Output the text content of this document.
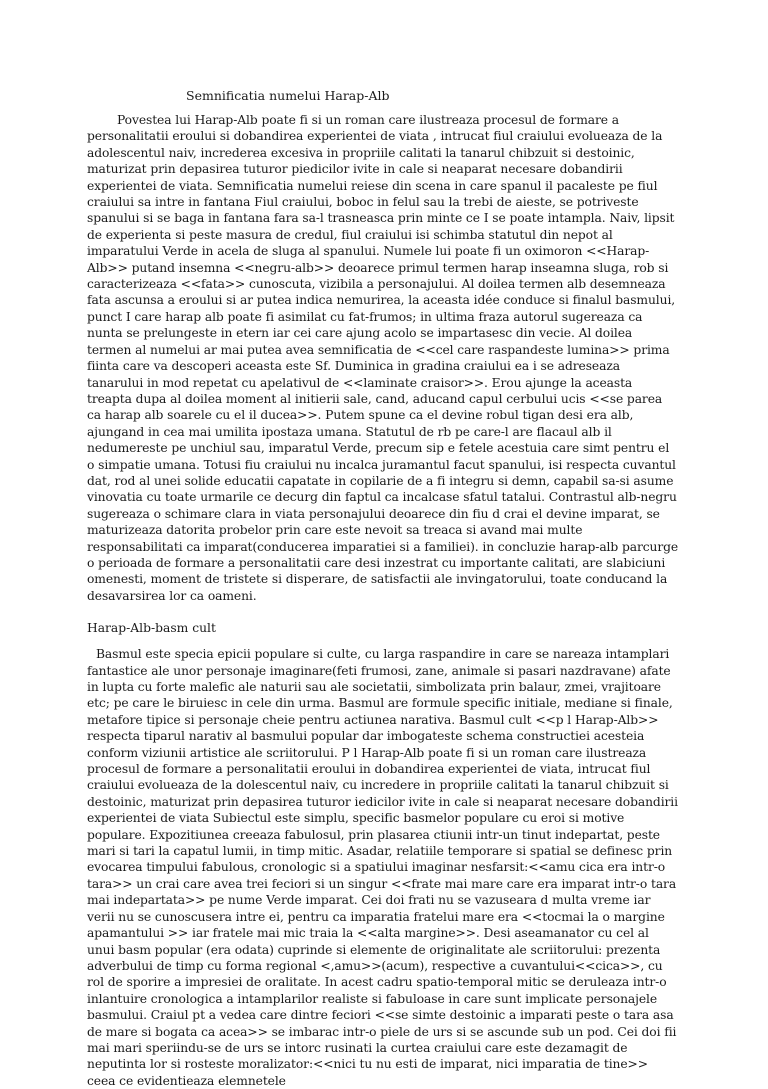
Semnificatia numelui Harap-Alb

Povestea lui Harap-Alb poate fi si un roman care ilustreaza procesul de formare a personalitatii eroului si dobandirea experientei de viata , intrucat fiul craiului evolueaza de la adolescentul naiv, increderea excesiva in propriile calitati la tanarul chibzuit si destoinic, maturizat prin depasirea tuturor piedicilor ivite in cale si neaparat necesare dobandirii experientei de viata. Semnificatia numelui reiese din scena in care spanul il pacaleste pe fiul craiului sa intre in fantana Fiul craiului, boboc in felul sau la trebi de aieste, se potriveste spanului si se baga in fantana fara sa-l trasneasca prin minte ce I se poate intampla. Naiv, lipsit de experienta si peste masura de credul, fiul craiului isi schimba statutul din nepot al imparatului Verde in acela de sluga al spanului. Numele lui poate fi un oximoron <<Harap-Alb>> putand insemna <<negru-alb>> deoarece primul termen harap inseamna sluga, rob si caracterizeaza <<fata>> cunoscuta, vizibila a personajului. Al doilea termen alb desemneaza fata ascunsa a eroului si ar putea indica nemurirea, la aceasta idée conduce si finalul basmului, punct I care harap alb poate fi asimilat cu fat-frumos; in ultima fraza autorul sugereaza ca nunta se prelungeste in etern iar cei care ajung acolo se impartasesc din vecie. Al doilea termen al numelui ar mai putea avea semnificatia de <<cel care raspandeste lumina>> prima fiinta care va descoperi aceasta este Sf. Duminica in gradina craiului ea i se adreseaza tanarului in mod repetat cu apelativul de <<laminate craisor>>. Erou ajunge la aceasta treapta dupa al doilea moment al initierii sale, cand, aducand capul cerbului ucis <<se parea ca harap alb soarele cu el il ducea>>. Putem spune ca el devine robul tigan desi era alb, ajungand in cea mai umilita ipostaza umana. Statutul de rb pe care-l are flacaul alb il nedumereste pe unchiul sau, imparatul Verde, precum sip e fetele acestuia care simt pentru el o simpatie umana. Totusi fiu craiului nu incalca juramantul facut spanului, isi respecta cuvantul dat, rod al unei solide educatii capatate in copilarie de a fi integru si demn, capabil sa-si asume vinovatia cu toate urmarile ce decurg din faptul ca incalcase sfatul tatalui. Contrastul alb-negru sugereaza o schimare clara in viata personajului deoarece din fiu d crai el devine imparat, se maturizeaza datorita probelor prin care este nevoit sa treaca si avand mai multe responsabilitati ca imparat(conducerea imparatiei si a familiei). in concluzie harap-alb parcurge o perioada de formare a personalitatii care desi inzestrat cu importante calitati, are slabiciuni omenesti, moment de tristete si disperare, de satisfactii ale invingatorului, toate conducand la desavarsirea lor ca oameni.

Harap-Alb-basm cult

Basmul este specia epicii populare si culte, cu larga raspandire in care se nareaza intamplari fantastice ale unor personaje imaginare(feti frumosi, zane, animale si pasari nazdravane) afate in lupta cu forte malefic ale naturii sau ale societatii, simbolizata prin balaur, zmei, vrajitoare etc; pe care le biruiesc in cele din urma. Basmul are formule specific initiale, mediane si finale, metafore tipice si personaje cheie pentru actiunea narativa. Basmul cult <<p l Harap-Alb>> respecta tiparul narativ al basmului popular dar imbogateste schema constructiei acesteia conform viziunii artistice ale scriitorului. P l Harap-Alb poate fi si un roman care ilustreaza procesul de formare a personalitatii eroului in dobandirea experientei de viata, intrucat fiul craiului evolueaza de la dolescentul naiv, cu incredere in propriile calitati la tanarul chibzuit si destoinic, maturizat prin depasirea tuturor iedicilor ivite in cale si neaparat necesare dobandirii experientei de viata Subiectul este simplu, specific basmelor populare cu eroi si motive populare. Expozitiunea creeaza fabulosul, prin plasarea ctiunii intr-un tinut indepartat, peste mari si tari la capatul lumii, in timp mitic. Asadar, relatiile temporare si spatial se definesc prin evocarea timpului fabulous, cronologic si a spatiului imaginar nesfarsit:<<amu cica era intr-o tara>> un crai care avea trei feciori si un singur <<frate mai mare care era imparat intr-o tara mai indepartata>> pe nume Verde imparat. Cei doi frati nu se vazuseara d multa vreme iar verii nu se cunoscusera intre ei, pentru ca imparatia fratelui mare era <<tocmai la o margine apamantului >> iar fratele mai mic traia la <<alta margine>>. Desi aseamanator cu cel al unui basm popular (era odata) cuprinde si elemente de originalitate ale scriitorului: prezenta adverbului de timp cu forma regional <,amu>>(acum), respective a cuvantului<<cica>>, cu rol de sporire a impresiei de oralitate. In acest cadru spatio-temporal mitic se deruleaza intr-o inlantuire cronologica a intamplarilor realiste si fabuloase in care sunt implicate personajele basmului. Craiul pt a vedea care dintre feciori <<se simte destoinic a imparati peste o tara asa de mare si bogata ca acea>> se imbarac intr-o piele de urs si se ascunde sub un pod. Cei doi fii mai mari speriindu-se de urs se intorc rusinati la curtea craiului care este dezamagit de neputinta lor si rosteste moralizator:<<nici tu nu esti de imparat, nici imparatia de tine>> ceea ce evidentieaza elemnetele
